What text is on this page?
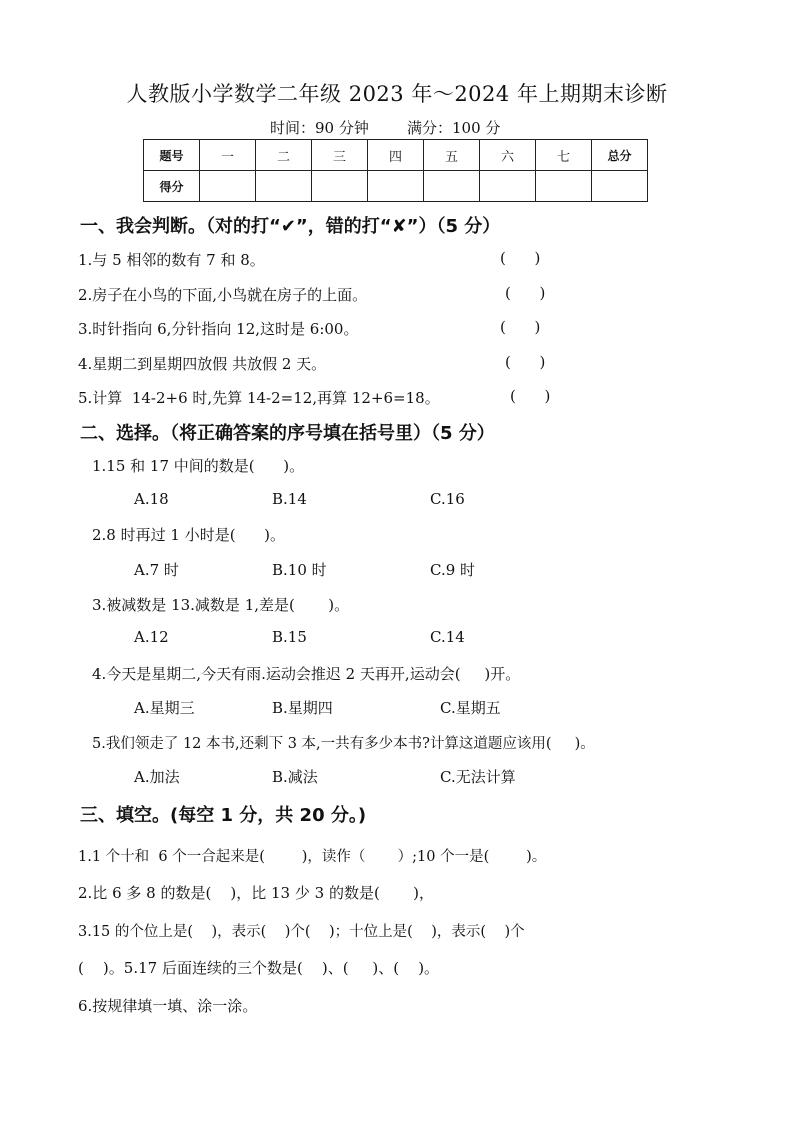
人教版小学数学二年级 2023 年～2024 年上期期末诊断
时间：90 分钟	满分：100 分
题号	一	二	三	四	五	六	七	总分
得分								
一、我会判断。（对的打“✔”，错的打“✘”）（5 分）
1.与 5 相邻的数有 7 和 8。	(      )
2.房子在小鸟的下面,小鸟就在房子的上面。	(      )
3.时针指向 6,分针指向 12,这时是 6:00。	(      )
4.星期二到星期四放假 共放假 2 天。	(      )
5.计算  14-2+6 时,先算 14-2=12,再算 12+6=18。	(      )
二、选择。（将正确答案的序号填在括号里）（5 分）
1.15 和 17 中间的数是(      )。
A.18	B.14	C.16
2.8 时再过 1 小时是(      )。
A.7 时	B.10 时	C.9 时
3.被减数是 13.减数是 1,差是(       )。
A.12	B.15	C.14
4.今天是星期二,今天有雨.运动会推迟 2 天再开,运动会(     )开。
A.星期三	B.星期四	C.星期五
5.我们领走了 12 本书,还剩下 3 本,一共有多少本书?计算这道题应该用(     )。
A.加法	B.减法	C.无法计算
三、填空。(每空 1 分，共 20 分。)
1.1 个十和  6 个一合起来是(        )，读作（       ）;10 个一是(        )。
2.比 6 多 8 的数是(    )，比 13 少 3 的数是(       )，
3.15 的个位上是(    )，表示(    )个(    )；十位上是(    )，表示(    )个
(    )。5.17 后面连续的三个数是(    )、(     )、(    )。
6.按规律填一填、涂一涂。
